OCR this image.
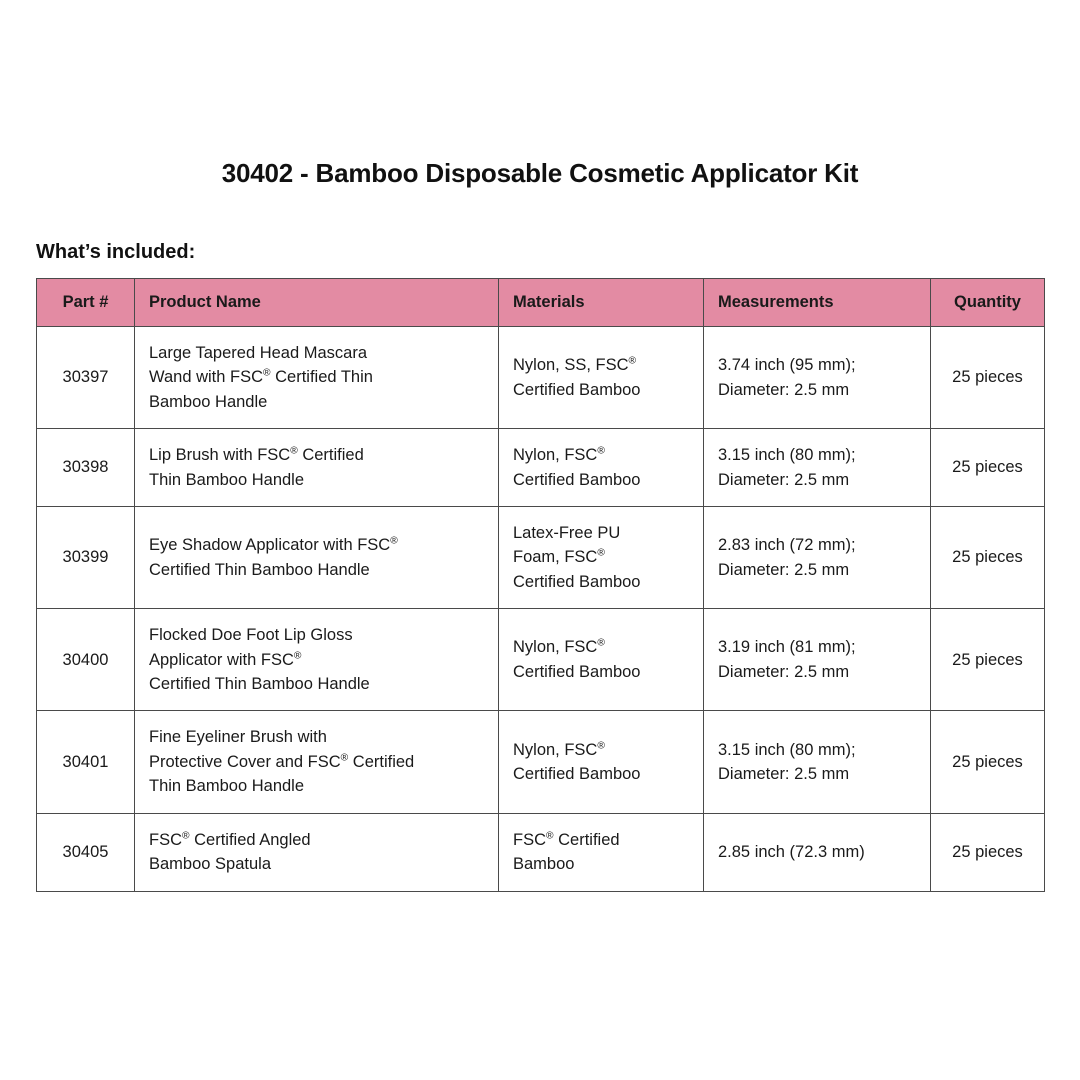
30402 - Bamboo Disposable Cosmetic Applicator Kit
What’s included:
Part #	Product Name	Materials	Measurements	Quantity
30397	Large Tapered Head Mascara
Wand with FSC® Certified Thin
Bamboo Handle	Nylon, SS, FSC®
Certified Bamboo	3.74 inch (95 mm);
Diameter: 2.5 mm	25 pieces
30398	Lip Brush with FSC® Certified
Thin Bamboo Handle	Nylon, FSC®
Certified Bamboo	3.15 inch (80 mm);
Diameter: 2.5 mm	25 pieces
30399	Eye Shadow Applicator with FSC®
Certified Thin Bamboo Handle	Latex-Free PU
Foam, FSC®
Certified Bamboo	2.83 inch (72 mm);
Diameter: 2.5 mm	25 pieces
30400	Flocked Doe Foot Lip Gloss
Applicator with FSC®
Certified Thin Bamboo Handle	Nylon, FSC®
Certified Bamboo	3.19 inch (81 mm);
Diameter: 2.5 mm	25 pieces
30401	Fine Eyeliner Brush with
Protective Cover and FSC® Certified
Thin Bamboo Handle	Nylon, FSC®
Certified Bamboo	3.15 inch (80 mm);
Diameter: 2.5 mm	25 pieces
30405	FSC® Certified Angled
Bamboo Spatula	FSC® Certified
Bamboo	2.85 inch (72.3 mm)	25 pieces
